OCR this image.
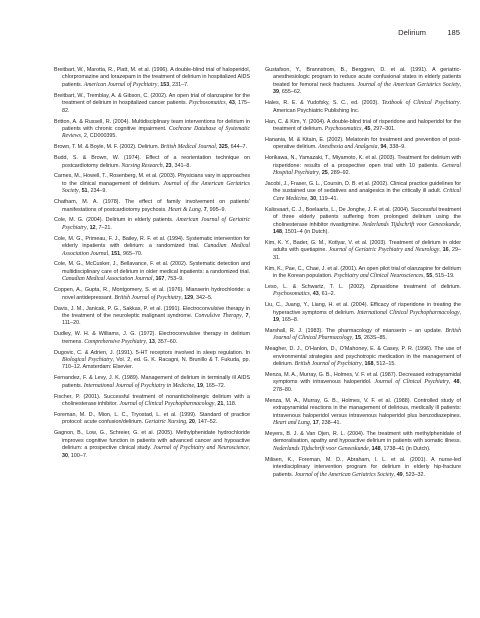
Delirium	185

Breitbart, W., Marotta, R., Platt, M. et al. (1996). A double-blind trial of haloperidol, chlorpromazine and lorazepam in the treatment of delirium in hospitalized AIDS patients. American Journal of Psychiatry, 153, 231–7.

Breitbart, W., Tremblay, A. & Gibson, C. (2002). An open trial of olanzapine for the treatment of delirium in hospitalized cancer patients. Psychosomatics, 43, 175–82.

Britton, A. & Russell, R. (2004). Multidisciplinary team interventions for delirium in patients with chronic cognitive impairment. Cochrane Database of Systematic Reviews, 2, CD000395.

Brown, T. M. & Boyle, M. F. (2002). Delirium. British Medical Journal, 325, 644–7.

Budd, S. & Brown, W. (1974). Effect of a reorientation technique on postcardiotomy delirium. Nursing Research, 23, 341–8.

Carnes, M., Howell, T., Rosenberg, M. et al. (2003). Physicians vary in approaches to the clinical management of delirium. Journal of the American Geriatrics Society, 51, 234–9.

Chatham, M. A. (1978). The effect of family involvement on patients’ manifestations of postcardiotomy psychosis. Heart & Lung, 7, 995–9.

Cole, M. G. (2004). Delirium in elderly patients. American Journal of Geriatric Psychiatry, 12, 7–21.

Cole, M. G., Primeau, F. J., Bailey, R. F. et al. (1994). Systematic intervention for elderly inpatients with delirium: a randomized trial. Canadian Medical Association Journal, 151, 965–70.

Cole, M. G., McCusker, J., Bellavance, F. et al. (2002). Systematic detection and multidisciplinary care of delirium in older medical inpatients: a randomized trial. Canadian Medical Association Journal, 167, 753–9.

Coppen, A., Gupta, R., Montgomery, S. et al. (1976). Mianserin hydrochloride: a novel antidepressant. British Journal of Psychiatry, 129, 342–5.

Davis, J. M., Janicak, P. G., Sakkas, P. et al. (1991). Electroconvulsive therapy in the treatment of the neuroleptic malignant syndrome. Convulsive Therapy, 7, 111–20.

Dudley, W. H. & Williams, J. G. (1972). Electroconvulsive therapy in delirium tremens. Comprehensive Psychiatry, 13, 357–60.

Dugovic, C. & Adrien, J. (1991). 5-HT receptors involved in sleep regulation. In Biological Psychiatry, Vol. 2, ed. G. K. Racagni, N. Brunillo & T. Fukuda, pp. 710–12. Amsterdam: Elsevier.

Fernandez, F. & Levy, J. K. (1989). Management of delirium in terminally ill AIDS patients. International Journal of Psychiatry in Medicine, 19, 165–72.

Fischer, P. (2001). Successful treatment of nonanticholinergic delirium with a cholinesterase inhibitor. Journal of Clinical Psychopharmacology, 21, 118.

Foreman, M. D., Mion, L. C., Tryostad, L. et al. (1999). Standard of practice protocol: acute confusion/delirium. Geriatric Nursing, 20, 147–52.

Gagnon, B., Low, G., Schreier, G. et al. (2005). Methylphenidate hydrochloride improves cognitive function in patients with advanced cancer and hypoactive delirium: a prospective clinical study. Journal of Psychiatry and Neuroscience, 30, 100–7.

Gustafson, Y., Brannstrom, B., Berggren, D. et al. (1991). A geriatric-anesthesiologic program to reduce acute confusional states in elderly patients treated for femoral neck fractures. Journal of the American Geriatrics Society, 39, 655–62.

Hales, R. E. & Yudofsky, S. C., ed. (2003). Textbook of Clinical Psychiatry. American Psychiatric Publishing Inc.

Han, C. & Kim, Y. (2004). A double-blind trial of risperidone and haloperidol for the treatment of delirium. Psychosomatics, 45, 297–301.

Hanania, M. & Kitain, E. (2002). Melatonin for treatment and prevention of post-operative delirium. Anesthesia and Analgesia, 94, 338–9.

Horikawa, N., Yamazaki, T., Miyamoto, K. et al. (2003). Treatment for delirium with risperidone: results of a prospective open trial with 10 patients. General Hospital Psychiatry, 25, 289–92.

Jacobi, J., Fraser, G. L., Coursin, D. B. et al. (2002). Clinical practice guidelines for the sustained use of sedatives and analgesics in the critically ill adult. Critical Care Medicine, 30, 119–41.

Kalisvaart, C. J., Boelaarts, L., De Jonghe, J. F. et al. (2004). Successful treatment of three elderly patients suffering from prolonged delirium using the cholinesterase inhibitor rivastigmine. Nederlands Tijdschrift voor Geneeskunde, 148, 1501–4 (in Dutch).

Kim, K. Y., Bader, G. M., Kotlyar, V. et al. (2003). Treatment of delirium in older adults with quetiapine. Journal of Geriatric Psychiatry and Neurology, 16, 29–31.

Kim, K., Pae, C., Chae, J. et al. (2001). An open pilot trial of olanzapine for delirium in the Korean population. Psychiatry and Clinical Neurosciences, 55, 515–19.

Leso, L. & Schwartz, T. L. (2002). Ziprasidone treatment of delirium. Psychosomatics, 43, 61–2.

Liu, C., Juang, Y., Liang, H. et al. (2004). Efficacy of risperidone in treating the hyperactive symptoms of delirium. International Clinical Psychopharmacology, 19, 165–8.

Marshall, R. J. (1983). The pharmacology of mianserin – an update. British Journal of Clinical Pharmacology, 15, 263S–85.

Meagher, D. J., O’Hanlon, D., O’Mahoney, E. & Casey, P. R. (1996). The use of environmental strategies and psychotropic medication in the management of delirium. British Journal of Psychiatry, 168, 512–15.

Menza, M. A., Murray, G. B., Holmes, V. F. et al. (1987). Decreased extrapyramidal symptoms with intravenous haloperidol. Journal of Clinical Psychiatry, 48, 278–80.

Menza, M. A., Murray, G. B., Holmes, V. F. et al. (1988). Controlled study of extrapyramidal reactions in the management of delirious, medically ill patients: intravenous haloperidol versus intravenous haloperidol plus benzodiazepines. Heart and Lung, 17, 238–41.

Meyers, B. J. & Van Ojen, R. L. (2004). The treatment with methylphenidate of demoralisation, apathy and hypoactive delirium in patients with somatic illness. Nederlands Tijdschrift voor Geneeskunde, 148, 1738–41 (in Dutch).

Milisen, K., Foreman, M. D., Abraham, I. L. et al. (2001). A nurse-led interdisciplinary intervention program for delirium in elderly hip-fracture patients. Journal of the American Geriatrics Society, 49, 523–32.
